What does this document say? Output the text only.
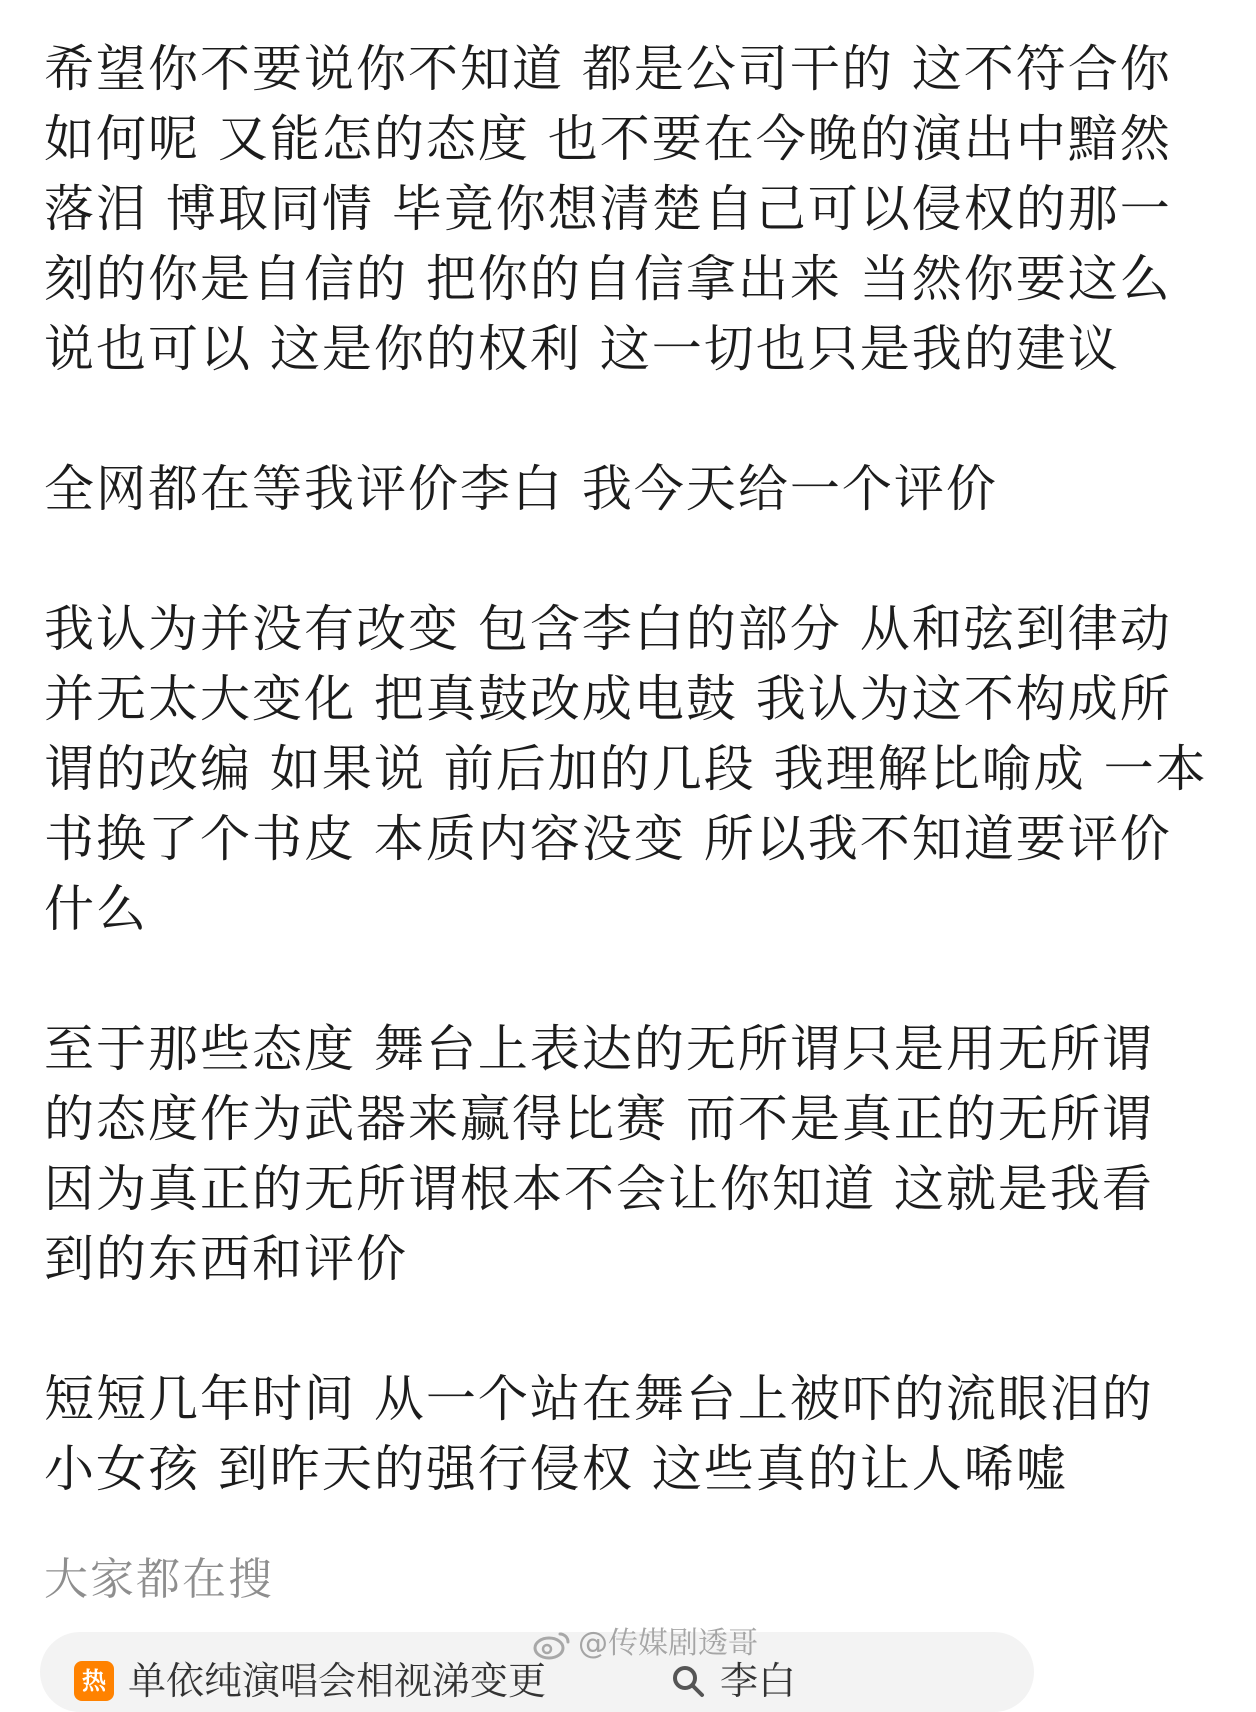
希望你不要说你不知道 都是公司干的 这不符合你
如何呢 又能怎的态度 也不要在今晚的演出中黯然
落泪 博取同情 毕竟你想清楚自己可以侵权的那一
刻的你是自信的 把你的自信拿出来 当然你要这么
说也可以 这是你的权利 这一切也只是我的建议
全网都在等我评价李白 我今天给一个评价
我认为并没有改变 包含李白的部分 从和弦到律动
并无太大变化 把真鼓改成电鼓 我认为这不构成所
谓的改编 如果说 前后加的几段 我理解比喻成 一本
书换了个书皮 本质内容没变 所以我不知道要评价
什么
至于那些态度 舞台上表达的无所谓只是用无所谓
的态度作为武器来赢得比赛 而不是真正的无所谓
因为真正的无所谓根本不会让你知道 这就是我看
到的东西和评价
短短几年时间 从一个站在舞台上被吓的流眼泪的
小女孩 到昨天的强行侵权 这些真的让人唏嘘
大家都在搜
热 单依纯演唱会相视涕变更	李白
@传媒剧透哥
